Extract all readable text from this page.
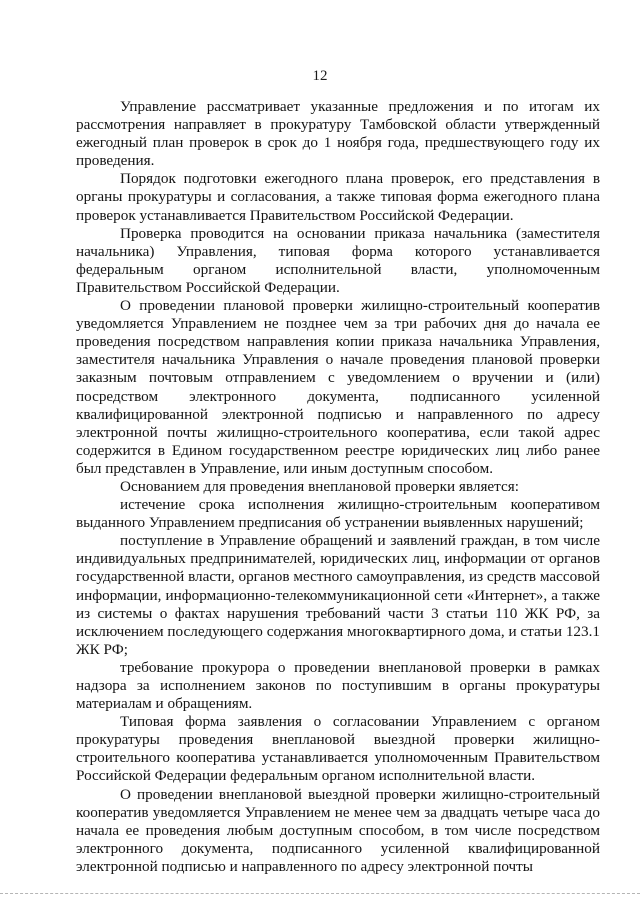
12

Управление рассматривает указанные предложения и по итогам их рассмотрения направляет в прокуратуру Тамбовской области утвержденный ежегодный план проверок в срок до 1 ноября года, предшествующего году их проведения.

Порядок подготовки ежегодного плана проверок, его представления в органы прокуратуры и согласования, а также типовая форма ежегодного плана проверок устанавливается Правительством Российской Федерации.

Проверка проводится на основании приказа начальника (заместителя начальника) Управления, типовая форма которого устанавливается федеральным органом исполнительной власти, уполномоченным Правительством Российской Федерации.

О проведении плановой проверки жилищно-строительный кооператив уведомляется Управлением не позднее чем за три рабочих дня до начала ее проведения посредством направления копии приказа начальника Управления, заместителя начальника Управления о начале проведения плановой проверки заказным почтовым отправлением с уведомлением о вручении и (или) посредством электронного документа, подписанного усиленной квалифицированной электронной подписью и направленного по адресу электронной почты жилищно-строительного кооператива, если такой адрес содержится в Едином государственном реестре юридических лиц либо ранее был представлен в Управление, или иным доступным способом.

Основанием для проведения внеплановой проверки является:

истечение срока исполнения жилищно-строительным кооперативом выданного Управлением предписания об устранении выявленных нарушений;

поступление в Управление обращений и заявлений граждан, в том числе индивидуальных предпринимателей, юридических лиц, информации от органов государственной власти, органов местного самоуправления, из средств массовой информации, информационно-телекоммуникационной сети «Интернет», а также из системы о фактах нарушения требований части 3 статьи 110 ЖК РФ, за исключением последующего содержания многоквартирного дома, и статьи 123.1 ЖК РФ;

требование прокурора о проведении внеплановой проверки в рамках надзора за исполнением законов по поступившим в органы прокуратуры материалам и обращениям.

Типовая форма заявления о согласовании Управлением с органом прокуратуры проведения внеплановой выездной проверки жилищно-строительного кооператива устанавливается уполномоченным Правительством Российской Федерации федеральным органом исполнительной власти.

О проведении внеплановой выездной проверки жилищно-строительный кооператив уведомляется Управлением не менее чем за двадцать четыре часа до начала ее проведения любым доступным способом, в том числе посредством электронного документа, подписанного усиленной квалифицированной электронной подписью и направленного по адресу электронной почты
